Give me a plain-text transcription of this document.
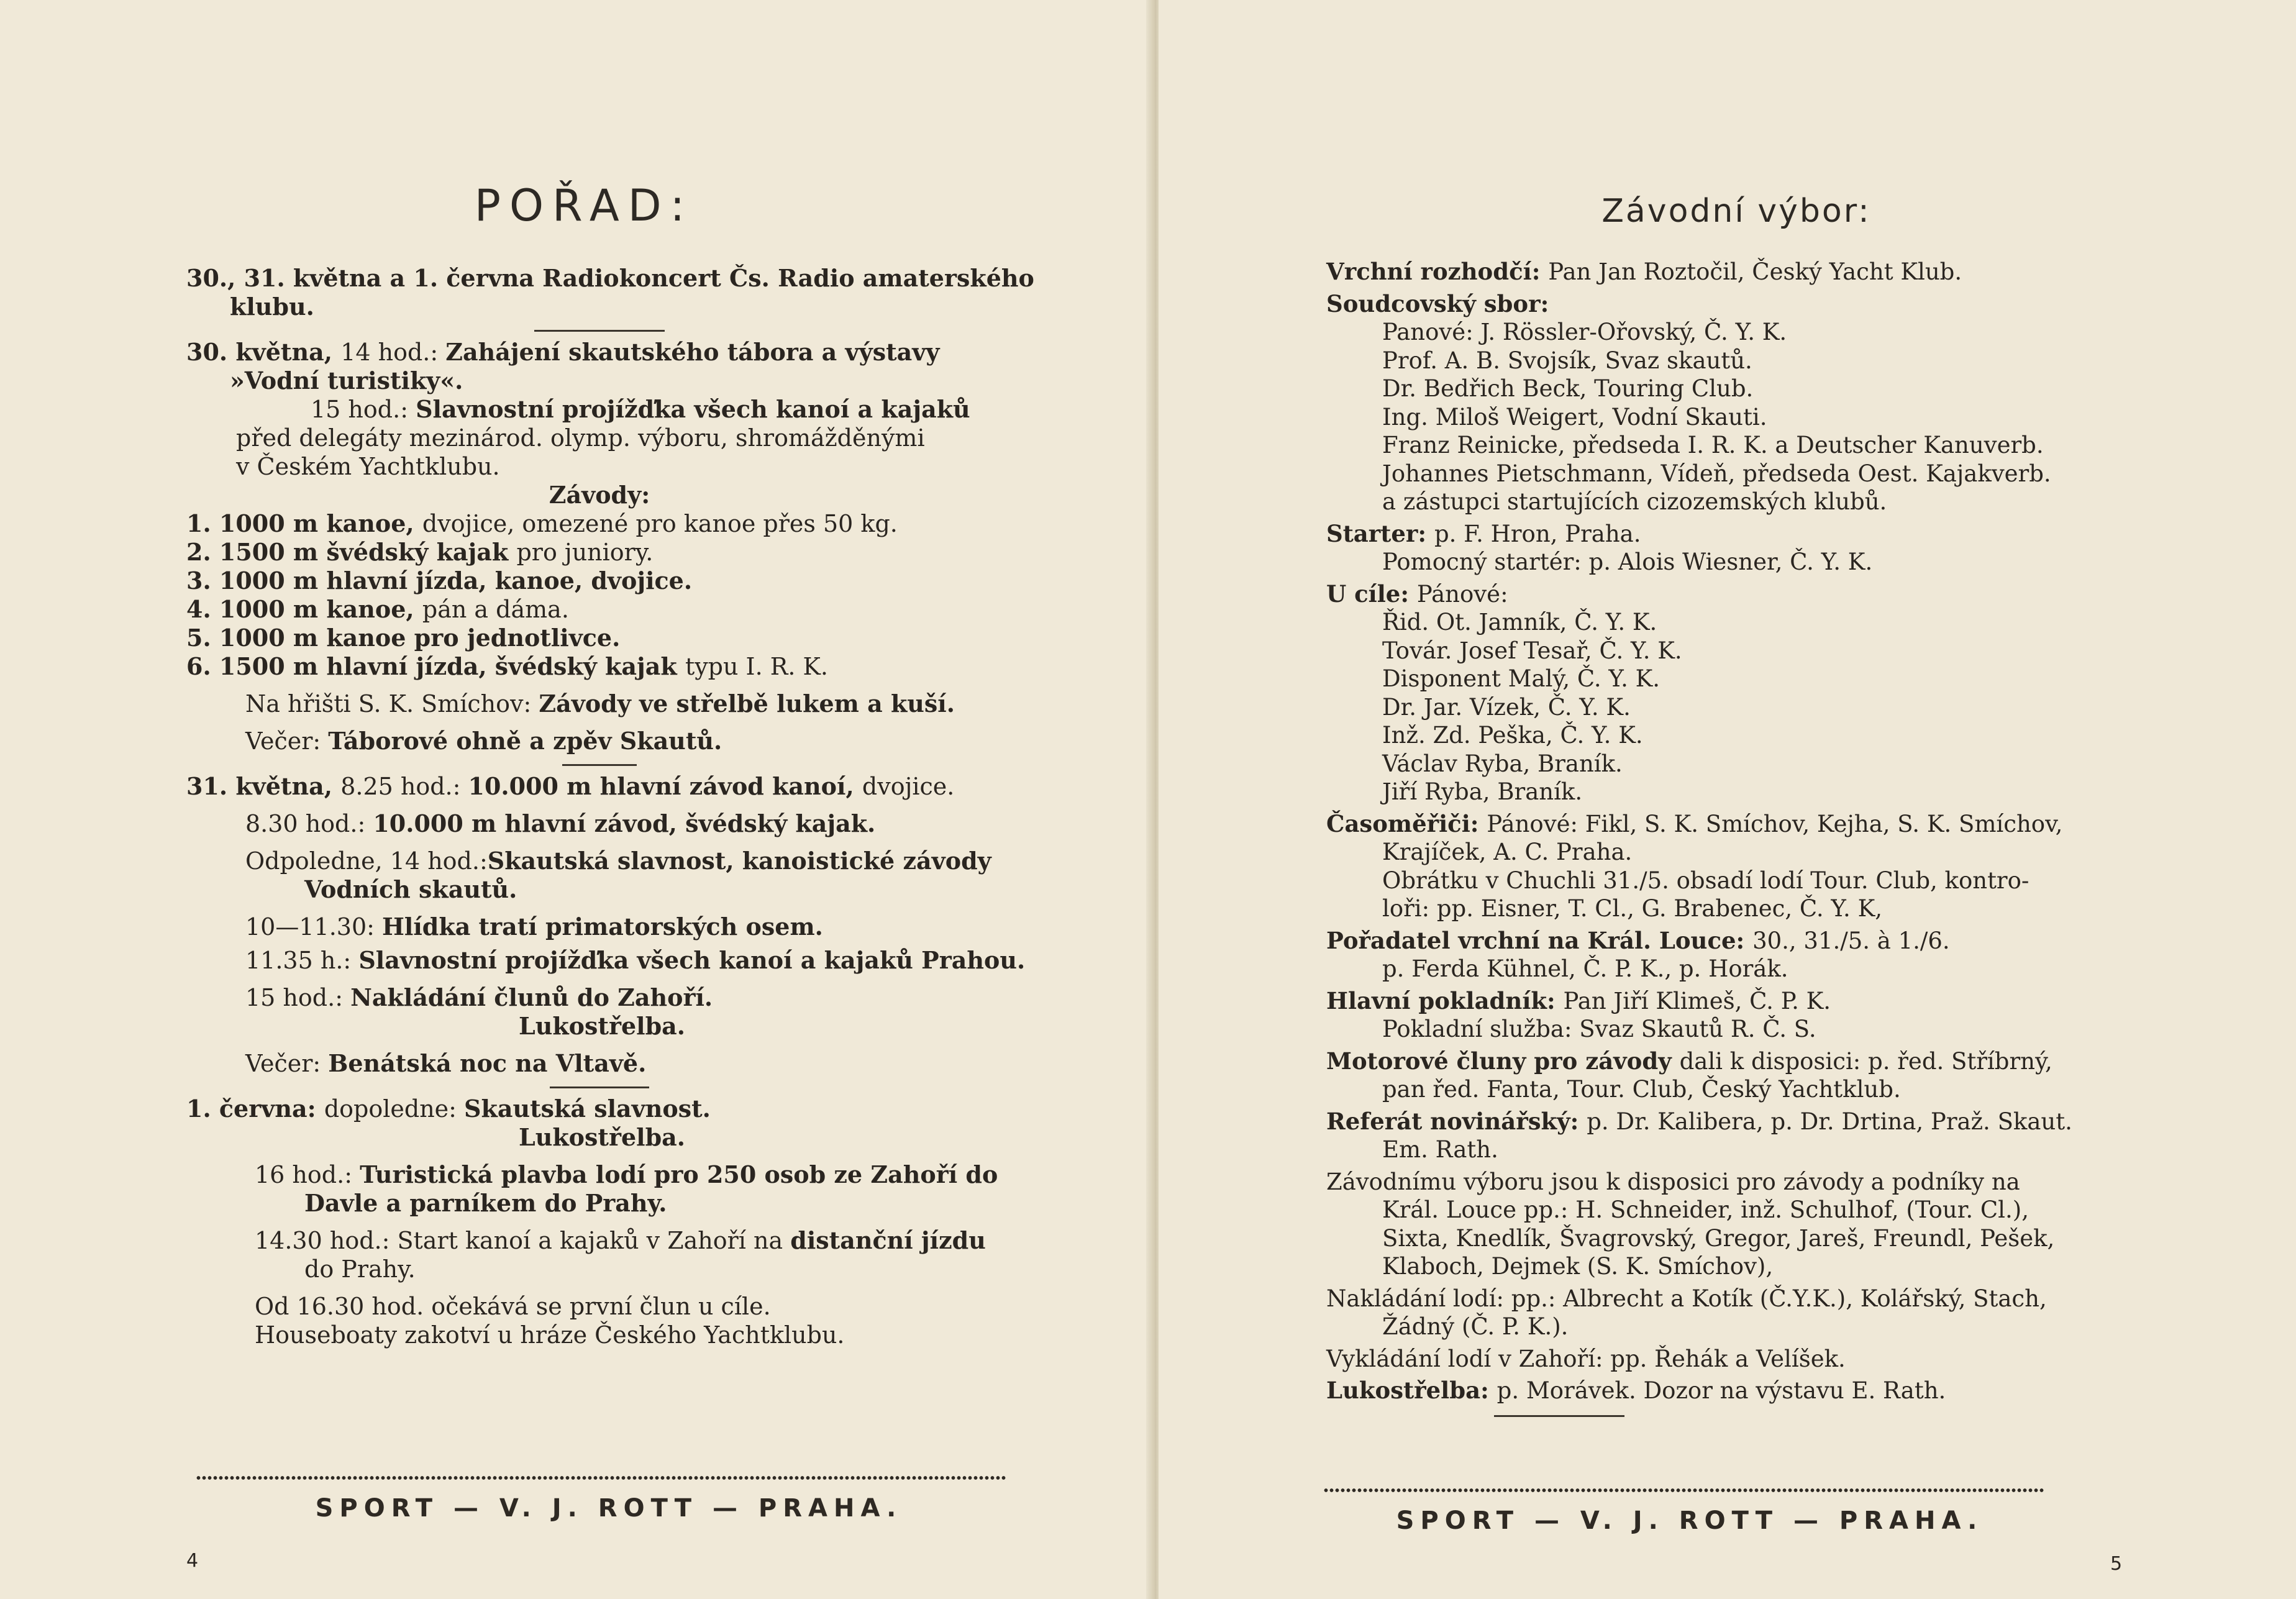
POŘAD:
30., 31. května a 1. června Radiokoncert Čs. Radio amaterského
klubu.
30. května, 14 hod.: Zahájení skautského tábora a výstavy
»Vodní turistiky«.
15 hod.: Slavnostní projížďka všech kanoí a kajaků
před delegáty mezinárod. olymp. výboru, shromážděnými
v Českém Yachtklubu.
Závody:
1. 1000 m kanoe, dvojice, omezené pro kanoe přes 50 kg.
2. 1500 m švédský kajak pro juniory.
3. 1000 m hlavní jízda, kanoe, dvojice.
4. 1000 m kanoe, pán a dáma.
5. 1000 m kanoe pro jednotlivce.
6. 1500 m hlavní jízda, švédský kajak typu I. R. K.
Na hřišti S. K. Smíchov: Závody ve střelbě lukem a kuší.
Večer: Táborové ohně a zpěv Skautů.
31. května, 8.25 hod.: 10.000 m hlavní závod kanoí, dvojice.
8.30 hod.: 10.000 m hlavní závod, švédský kajak.
Odpoledne, 14 hod.:Skautská slavnost, kanoistické závody
Vodních skautů.
10—11.30: Hlídka tratí primatorských osem.
11.35 h.: Slavnostní projížďka všech kanoí a kajaků Prahou.
15 hod.: Nakládání člunů do Zahoří.
Lukostřelba.
Večer: Benátská noc na Vltavě.
1. června: dopoledne: Skautská slavnost.
Lukostřelba.
16 hod.: Turistická plavba lodí pro 250 osob ze Zahoří do
Davle a parníkem do Prahy.
14.30 hod.: Start kanoí a kajaků v Zahoří na distanční jízdu
do Prahy.
Od 16.30 hod. očekává se první člun u cíle.
Houseboaty zakotví u hráze Českého Yachtklubu.
SPORT — V. J. ROTT — PRAHA.
4
Závodní výbor:
Vrchní rozhodčí: Pan Jan Roztočil, Český Yacht Klub.
Soudcovský sbor:
Panové: J. Rössler-Ořovský, Č. Y. K.
Prof. A. B. Svojsík, Svaz skautů.
Dr. Bedřich Beck, Touring Club.
Ing. Miloš Weigert, Vodní Skauti.
Franz Reinicke, předseda I. R. K. a Deutscher Kanuverb.
Johannes Pietschmann, Vídeň, předseda Oest. Kajakverb.
a zástupci startujících cizozemských klubů.
Starter: p. F. Hron, Praha.
Pomocný startér: p. Alois Wiesner, Č. Y. K.
U cíle: Pánové:
Řid. Ot. Jamník, Č. Y. K.
Továr. Josef Tesař, Č. Y. K.
Disponent Malý, Č. Y. K.
Dr. Jar. Vízek, Č. Y. K.
Inž. Zd. Peška, Č. Y. K.
Václav Ryba, Braník.
Jiří Ryba, Braník.
Časoměřiči: Pánové: Fikl, S. K. Smíchov, Kejha, S. K. Smíchov,
Krajíček, A. C. Praha.
Obrátku v Chuchli 31./5. obsadí lodí Tour. Club, kontro-
loři: pp. Eisner, T. Cl., G. Brabenec, Č. Y. K,
Pořadatel vrchní na Král. Louce: 30., 31./5. à 1./6.
p. Ferda Kühnel, Č. P. K., p. Horák.
Hlavní pokladník: Pan Jiří Klimeš, Č. P. K.
Pokladní služba: Svaz Skautů R. Č. S.
Motorové čluny pro závody dali k disposici: p. řed. Stříbrný,
pan řed. Fanta, Tour. Club, Český Yachtklub.
Referát novinářský: p. Dr. Kalibera, p. Dr. Drtina, Praž. Skaut.
Em. Rath.
Závodnímu výboru jsou k disposici pro závody a podníky na
Král. Louce pp.: H. Schneider, inž. Schulhof, (Tour. Cl.),
Sixta, Knedlík, Švagrovský, Gregor, Jareš, Freundl, Pešek,
Klaboch, Dejmek (S. K. Smíchov),
Nakládání lodí: pp.: Albrecht a Kotík (Č.Y.K.), Kolářský, Stach,
Žádný (Č. P. K.).
Vykládání lodí v Zahoří: pp. Řehák a Velíšek.
Lukostřelba: p. Morávek. Dozor na výstavu E. Rath.
SPORT — V. J. ROTT — PRAHA.
5
